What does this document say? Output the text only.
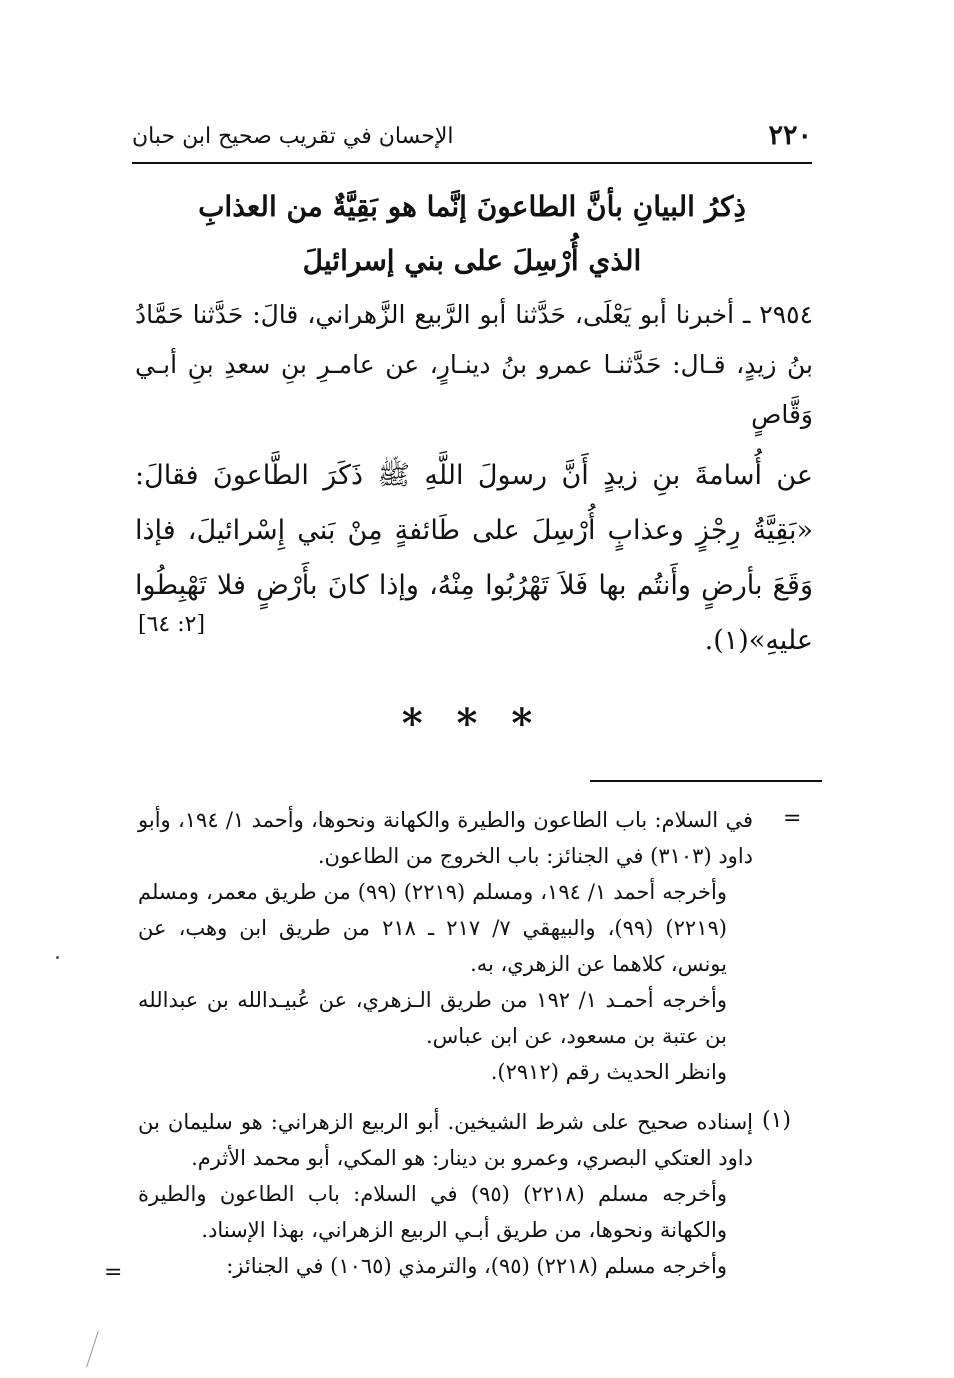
٢٢٠
الإحسان في تقريب صحيح ابن حبان
ذِكرُ البيانِ بأنَّ الطاعونَ إنَّما هو بَقِيَّةٌ من العذابِ
الذي أُرْسِلَ على بني إسرائيلَ
٢٩٥٤ ـ أخبرنا أبو يَعْلَى، حَدَّثنا أبو الرَّبيع الزَّهراني، قالَ: حَدَّثنا حَمَّادُ بنُ زيدٍ، قـال: حَدَّثنـا عمرو بنُ دينـارٍ، عن عامـرِ بنِ سعدِ بنِ أبـي وَقَّاصٍ
عن أُسامةَ بنِ زيدٍ أَنَّ رسولَ اللَّهِ ﷺ ذَكَرَ الطَّاعونَ فقالَ: «بَقِيَّةُ رِجْزٍ وعذابٍ أُرْسِلَ على طَائفةٍ مِنْ بَني إِسْرائيلَ، فإذا وَقَعَ بأرضٍ وأَنتُم بها فَلاَ تَهْرُبُوا مِنْهُ، وإذا كانَ بأَرْضٍ فلا تَهْبِطُوا عليهِ»(١).
[٢: ٦٤]
* * *
=
في السلام: باب الطاعون والطيرة والكهانة ونحوها، وأحمد ١/ ١٩٤، وأبو داود (٣١٠٣) في الجنائز: باب الخروج من الطاعون.
وأخرجه أحمد ١/ ١٩٤، ومسلم (٢٢١٩) (٩٩) من طريق معمر، ومسلم (٢٢١٩) (٩٩)، والبيهقي ٧/ ٢١٧ ـ ٢١٨ من طريق ابن وهب، عن يونس، كلاهما عن الزهري، به.
وأخرجه أحمـد ١/ ١٩٢ من طريق الـزهري، عن عُبيـدالله بن عبدالله بن عتبة بن مسعود، عن ابن عباس.
وانظر الحديث رقم (٢٩١٢).
(١)
إسناده صحيح على شرط الشيخين. أبو الربيع الزهراني: هو سليمان بن داود العتكي البصري، وعمرو بن دينار: هو المكي، أبو محمد الأثرم.
وأخرجه مسلم (٢٢١٨) (٩٥) في السلام: باب الطاعون والطيرة والكهانة ونحوها، من طريق أبـي الربيع الزهراني، بهذا الإسناد.
وأخرجه مسلم (٢٢١٨) (٩٥)، والترمذي (١٠٦٥) في الجنائز:
=
